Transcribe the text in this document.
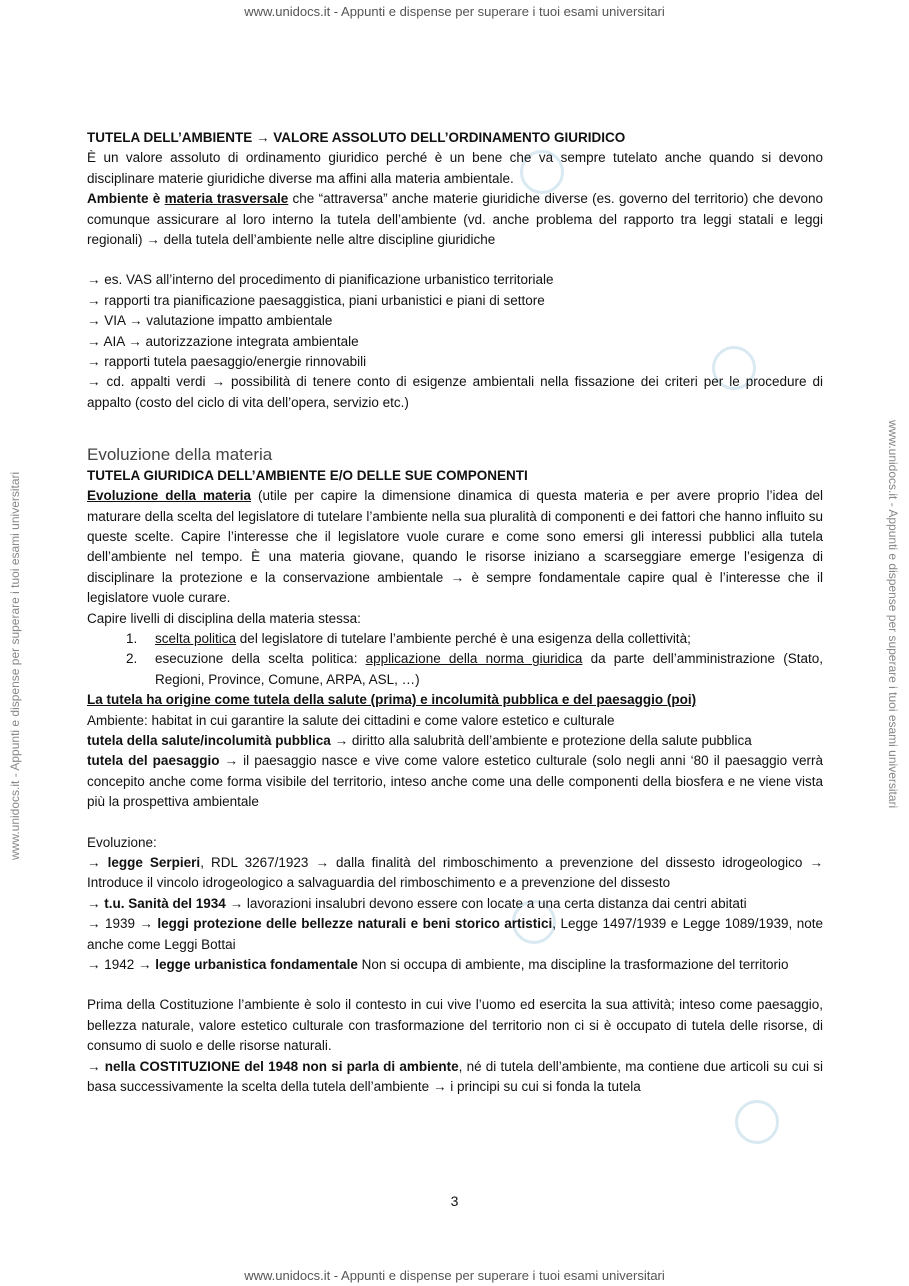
www.unidocs.it - Appunti e dispense per superare i tuoi esami universitari
www.unidocs.it - Appunti e dispense per superare i tuoi esami universitari	www.unidocs.it - Appunti e dispense per superare i tuoi esami universitari

TUTELA DELL’AMBIENTE → VALORE ASSOLUTO DELL’ORDINAMENTO GIURIDICO

È un valore assoluto di ordinamento giuridico perché è un bene che va sempre tutelato anche quando si devono disciplinare materie giuridiche diverse ma affini alla materia ambientale.

Ambiente è materia trasversale che “attraversa” anche materie giuridiche diverse (es. governo del territorio) che devono comunque assicurare al loro interno la tutela dell’ambiente (vd. anche problema del rapporto tra leggi statali e leggi regionali) → della tutela dell’ambiente nelle altre discipline giuridiche

→ es. VAS all’interno del procedimento di pianificazione urbanistico territoriale

→ rapporti tra pianificazione paesaggistica, piani urbanistici e piani di settore

→ VIA → valutazione impatto ambientale

→ AIA → autorizzazione integrata ambientale

→ rapporti tutela paesaggio/energie rinnovabili

→ cd. appalti verdi → possibilità di tenere conto di esigenze ambientali nella fissazione dei criteri per le procedure di appalto (costo del ciclo di vita dell’opera, servizio etc.)

Evoluzione della materia

TUTELA GIURIDICA DELL’AMBIENTE E/O DELLE SUE COMPONENTI

Evoluzione della materia (utile per capire la dimensione dinamica di questa materia e per avere proprio l’idea del maturare della scelta del legislatore di tutelare l’ambiente nella sua pluralità di componenti e dei fattori che hanno influito su queste scelte. Capire l’interesse che il legislatore vuole curare e come sono emersi gli interessi pubblici alla tutela dell’ambiente nel tempo. È una materia giovane, quando le risorse iniziano a scarseggiare emerge l’esigenza di disciplinare la protezione e la conservazione ambientale → è sempre fondamentale capire qual è l’interesse che il legislatore vuole curare.

Capire livelli di disciplina della materia stessa:

1. scelta politica del legislatore di tutelare l’ambiente perché è una esigenza della collettività;
2. esecuzione della scelta politica: applicazione della norma giuridica da parte dell’amministrazione (Stato, Regioni, Province, Comune, ARPA, ASL, …)

La tutela ha origine come tutela della salute (prima) e incolumità pubblica e del paesaggio (poi)

Ambiente: habitat in cui garantire la salute dei cittadini e come valore estetico e culturale

tutela della salute/incolumità pubblica → diritto alla salubrità dell’ambiente e protezione della salute pubblica

tutela del paesaggio → il paesaggio nasce e vive come valore estetico culturale (solo negli anni ‘80 il paesaggio verrà concepito anche come forma visibile del territorio, inteso anche come una delle componenti della biosfera e ne viene vista più la prospettiva ambientale

Evoluzione:

→ legge Serpieri, RDL 3267/1923 → dalla finalità del rimboschimento a prevenzione del dissesto idrogeologico → Introduce il vincolo idrogeologico a salvaguardia del rimboschimento e a prevenzione del dissesto

→ t.u. Sanità del 1934 → lavorazioni insalubri devono essere con locate a una certa distanza dai centri abitati

→ 1939 → leggi protezione delle bellezze naturali e beni storico artistici, Legge 1497/1939 e Legge 1089/1939, note anche come Leggi Bottai

→ 1942 → legge urbanistica fondamentale Non si occupa di ambiente, ma discipline la trasformazione del territorio

Prima della Costituzione l’ambiente è solo il contesto in cui vive l’uomo ed esercita la sua attività; inteso come paesaggio, bellezza naturale, valore estetico culturale con trasformazione del territorio non ci si è occupato di tutela delle risorse, di consumo di suolo e delle risorse naturali.

→ nella COSTITUZIONE del 1948 non si parla di ambiente, né di tutela dell’ambiente, ma contiene due articoli su cui si basa successivamente la scelta della tutela dell’ambiente → i principi su cui si fonda la tutela

3
www.unidocs.it - Appunti e dispense per superare i tuoi esami universitari
